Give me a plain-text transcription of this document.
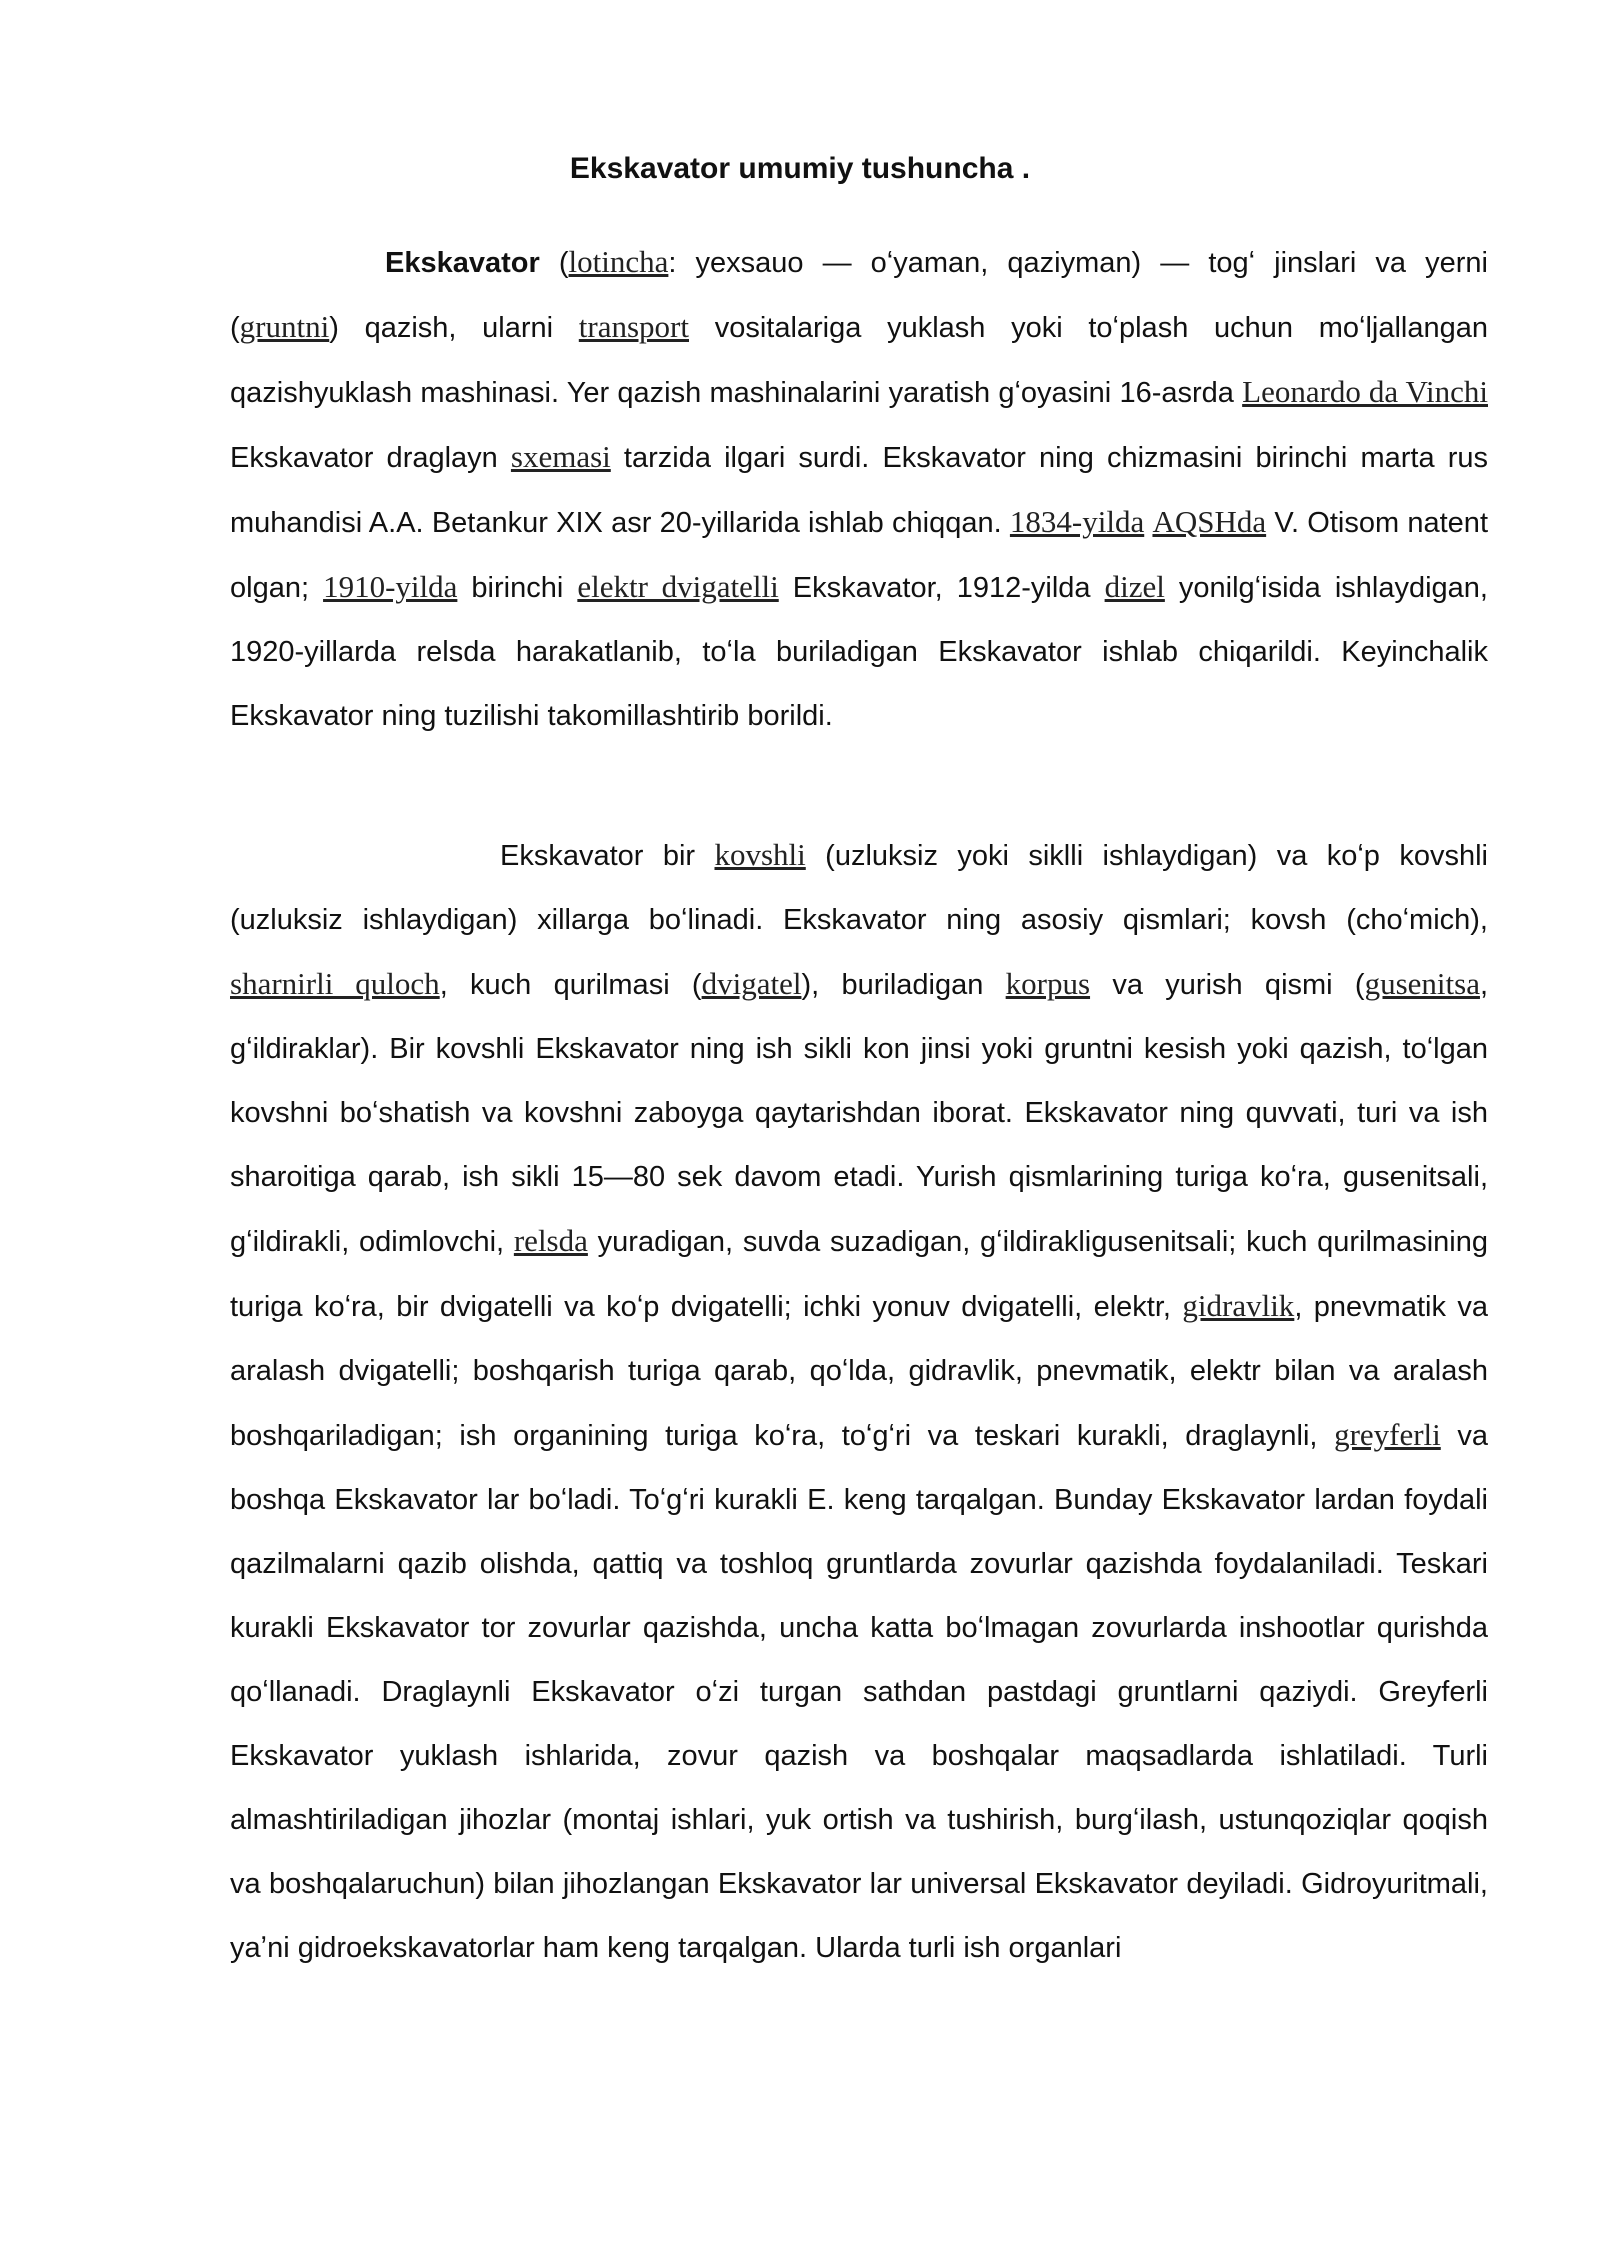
Ekskavator umumiy tushuncha .
Ekskavator (lotincha: yexsauo — oʻyaman, qaziyman) — togʻ jinslari va yerni (gruntni) qazish, ularni transport vositalariga yuklash yoki toʻplash uchun moʻljallangan qazishyuklash mashinasi. Yer qazish mashinalarini yaratish gʻoyasini 16-asrda Leonardo da Vinchi Ekskavator draglayn sxemasi tarzida ilgari surdi. Ekskavator ning chizmasini birinchi marta rus muhandisi A.A. Betankur XIX asr 20-yillarida ishlab chiqqan. 1834-yilda AQSHda V. Otisom natent olgan; 1910-yilda birinchi elektr dvigatelli Ekskavator, 1912-yilda dizel yonilgʻisida ishlaydigan, 1920-yillarda relsda harakatlanib, toʻla buriladigan Ekskavator ishlab chiqarildi. Keyinchalik Ekskavator ning tuzilishi takomillashtirib borildi.
Ekskavator bir kovshli (uzluksiz yoki siklli ishlaydigan) va koʻp kovshli (uzluksiz ishlaydigan) xillarga boʻlinadi. Ekskavator ning asosiy qismlari; kovsh (choʻmich), sharnirli quloch, kuch qurilmasi (dvigatel), buriladigan korpus va yurish qismi (gusenitsa, gʻildiraklar). Bir kovshli Ekskavator ning ish sikli kon jinsi yoki gruntni kesish yoki qazish, toʻlgan kovshni boʻshatish va kovshni zaboyga qaytarishdan iborat. Ekskavator ning quvvati, turi va ish sharoitiga qarab, ish sikli 15—80 sek davom etadi. Yurish qismlarining turiga koʻra, gusenitsali, gʻildirakli, odimlovchi, relsda yuradigan, suvda suzadigan, gʻildirakligusenitsali; kuch qurilmasining turiga koʻra, bir dvigatelli va koʻp dvigatelli; ichki yonuv dvigatelli, elektr, gidravlik, pnevmatik va aralash dvigatelli; boshqarish turiga qarab, qoʻlda, gidravlik, pnevmatik, elektr bilan va aralash boshqariladigan; ish organining turiga koʻra, toʻgʻri va teskari kurakli, draglaynli, greyferli va boshqa Ekskavator lar boʻladi. Toʻgʻri kurakli E. keng tarqalgan. Bunday Ekskavator lardan foydali qazilmalarni qazib olishda, qattiq va toshloq gruntlarda zovurlar qazishda foydalaniladi. Teskari kurakli Ekskavator tor zovurlar qazishda, uncha katta boʻlmagan zovurlarda inshootlar qurishda qoʻllanadi. Draglaynli Ekskavator oʻzi turgan sathdan pastdagi gruntlarni qaziydi. Greyferli Ekskavator yuklash ishlarida, zovur qazish va boshqalar maqsadlarda ishlatiladi. Turli almashtiriladigan jihozlar (montaj ishlari, yuk ortish va tushirish, burgʻilash, ustunqoziqlar qoqish va boshqalaruchun) bilan jihozlangan Ekskavator lar universal Ekskavator deyiladi. Gidroyuritmali, yaʼni gidroekskavatorlar ham keng tarqalgan. Ularda turli ish organlari
